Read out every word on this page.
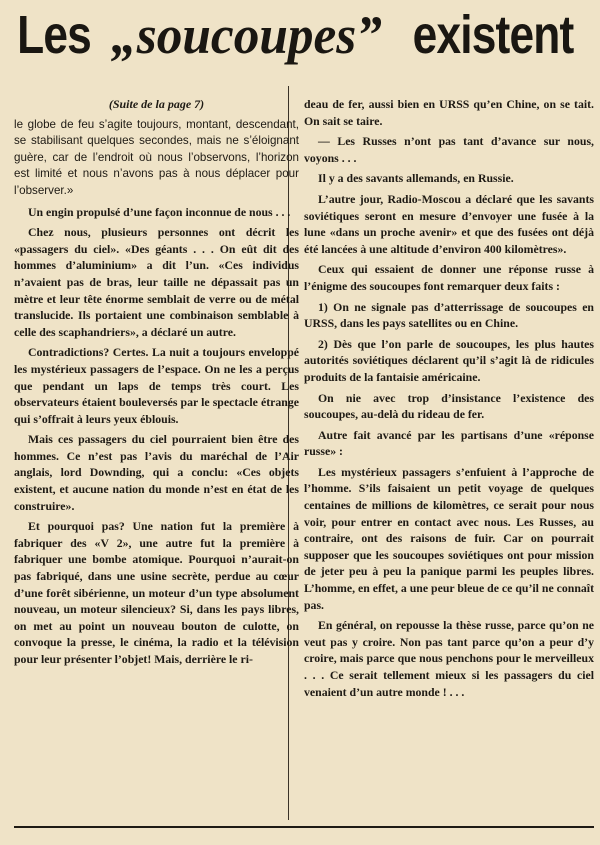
Les „soucoupes” existent

(Suite de la page 7)

le globe de feu s’agite toujours, montant, descendant, se stabilisant quelques secondes, mais ne s’éloignant guère, car de l’endroit où nous l’observons, l’horizon est limité et nous n’avons pas à nous déplacer pour l’observer.»

Un engin propulsé d’une façon inconnue de nous . . .

Chez nous, plusieurs personnes ont décrit les «passagers du ciel». «Des géants . . . On eût dit des hommes d’aluminium» a dit l’un. «Ces individus n’avaient pas de bras, leur taille ne dépassait pas un mètre et leur tête énorme semblait de verre ou de métal translucide. Ils portaient une combinaison semblable à celle des scaphandriers», a déclaré un autre.

Contradictions? Certes. La nuit a toujours enveloppé les mystérieux passagers de l’espace. On ne les a perçus que pendant un laps de temps très court. Les observateurs étaient bouleversés par le spectacle étrange qui s’offrait à leurs yeux éblouis.

Mais ces passagers du ciel pourraient bien être des hommes. Ce n’est pas l’avis du maréchal de l’Air anglais, lord Downding, qui a conclu: «Ces objets existent, et aucune nation du monde n’est en état de les construire».

Et pourquoi pas? Une nation fut la première à fabriquer des «V 2», une autre fut la première à fabriquer une bombe atomique. Pourquoi n’aurait-on pas fabriqué, dans une usine secrète, perdue au cœur d’une forêt sibérienne, un moteur d’un type absolument nouveau, un moteur silencieux? Si, dans les pays libres, on met au point un nouveau bouton de culotte, on convoque la presse, le cinéma, la radio et la télévision pour leur présenter l’objet! Mais, derrière le ri-

deau de fer, aussi bien en URSS qu’en Chine, on se tait. On sait se taire.

— Les Russes n’ont pas tant d’avance sur nous, voyons . . .

Il y a des savants allemands, en Russie.

L’autre jour, Radio-Moscou a déclaré que les savants soviétiques seront en mesure d’envoyer une fusée à la lune «dans un proche avenir» et que des fusées ont déjà été lancées à une altitude d’environ 400 kilomètres».

Ceux qui essaient de donner une réponse russe à l’énigme des soucoupes font remarquer deux faits :

1) On ne signale pas d’atterrissage de soucoupes en URSS, dans les pays satellites ou en Chine.

2) Dès que l’on parle de soucoupes, les plus hautes autorités soviétiques déclarent qu’il s’agit là de ridicules produits de la fantaisie américaine.

On nie avec trop d’insistance l’existence des soucoupes, au-delà du rideau de fer.

Autre fait avancé par les partisans d’une «réponse russe» :

Les mystérieux passagers s’enfuient à l’approche de l’homme. S’ils faisaient un petit voyage de quelques centaines de millions de kilomètres, ce serait pour nous voir, pour entrer en contact avec nous. Les Russes, au contraire, ont des raisons de fuir. Car on pourrait supposer que les soucoupes soviétiques ont pour mission de jeter peu à peu la panique parmi les peuples libres. L’homme, en effet, a une peur bleue de ce qu’il ne connaît pas.

En général, on repousse la thèse russe, parce qu’on ne veut pas y croire. Non pas tant parce qu’on a peur d’y croire, mais parce que nous penchons pour le merveilleux . . . Ce serait tellement mieux si les passagers du ciel venaient d’un autre monde ! . . .
